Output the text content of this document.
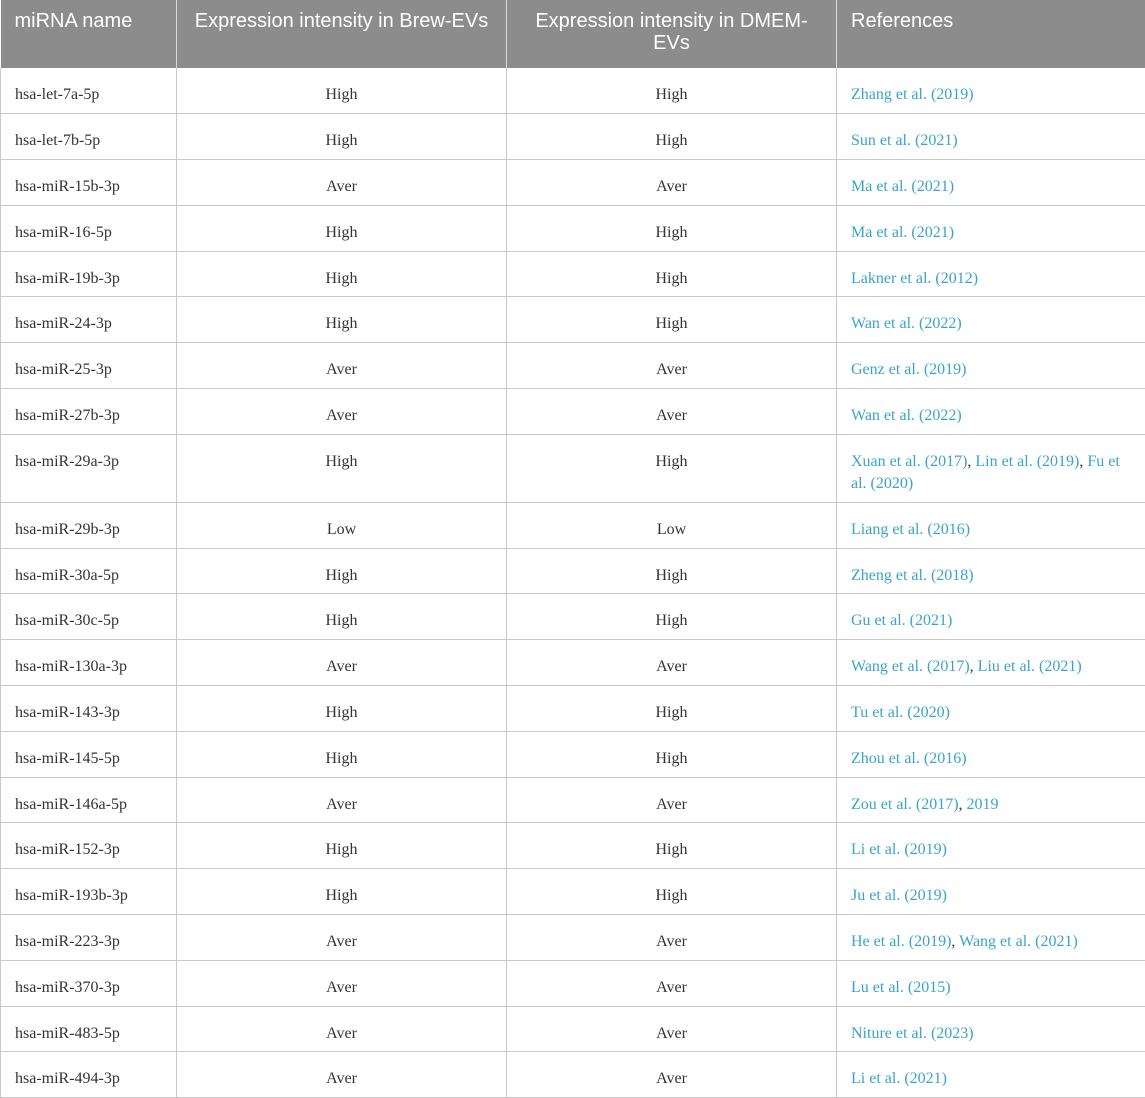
miRNA name	Expression intensity in Brew-EVs	Expression intensity in DMEM-EVs	References
hsa-let-7a-5p	High	High	Zhang et al. (2019)
hsa-let-7b-5p	High	High	Sun et al. (2021)
hsa-miR-15b-3p	Aver	Aver	Ma et al. (2021)
hsa-miR-16-5p	High	High	Ma et al. (2021)
hsa-miR-19b-3p	High	High	Lakner et al. (2012)
hsa-miR-24-3p	High	High	Wan et al. (2022)
hsa-miR-25-3p	Aver	Aver	Genz et al. (2019)
hsa-miR-27b-3p	Aver	Aver	Wan et al. (2022)
hsa-miR-29a-3p	High	High	Xuan et al. (2017), Lin et al. (2019), Fu et al. (2020)
hsa-miR-29b-3p	Low	Low	Liang et al. (2016)
hsa-miR-30a-5p	High	High	Zheng et al. (2018)
hsa-miR-30c-5p	High	High	Gu et al. (2021)
hsa-miR-130a-3p	Aver	Aver	Wang et al. (2017), Liu et al. (2021)
hsa-miR-143-3p	High	High	Tu et al. (2020)
hsa-miR-145-5p	High	High	Zhou et al. (2016)
hsa-miR-146a-5p	Aver	Aver	Zou et al. (2017), 2019
hsa-miR-152-3p	High	High	Li et al. (2019)
hsa-miR-193b-3p	High	High	Ju et al. (2019)
hsa-miR-223-3p	Aver	Aver	He et al. (2019), Wang et al. (2021)
hsa-miR-370-3p	Aver	Aver	Lu et al. (2015)
hsa-miR-483-5p	Aver	Aver	Niture et al. (2023)
hsa-miR-494-3p	Aver	Aver	Li et al. (2021)
